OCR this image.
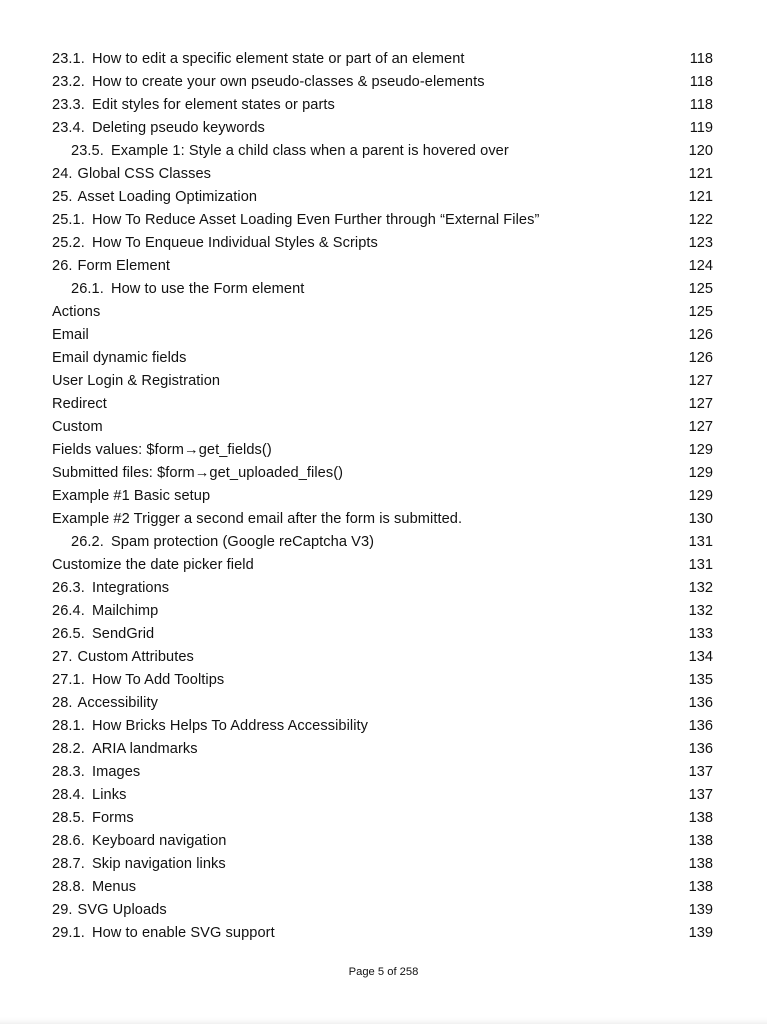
23.1. How to edit a specific element state or part of an element	118
23.2. How to create your own pseudo-classes & pseudo-elements	118
23.3. Edit styles for element states or parts	118
23.4. Deleting pseudo keywords	119
23.5. Example 1: Style a child class when a parent is hovered over	120
24. Global CSS Classes	121
25. Asset Loading Optimization	121
25.1. How To Reduce Asset Loading Even Further through “External Files”	122
25.2. How To Enqueue Individual Styles & Scripts	123
26. Form Element	124
26.1. How to use the Form element	125
Actions	125
Email	126
Email dynamic fields	126
User Login & Registration	127
Redirect	127
Custom	127
Fields values: $form→get_fields()	129
Submitted files: $form→get_uploaded_files()	129
Example #1 Basic setup	129
Example #2 Trigger a second email after the form is submitted.	130
26.2. Spam protection (Google reCaptcha V3)	131
Customize the date picker field	131
26.3. Integrations	132
26.4. Mailchimp	132
26.5. SendGrid	133
27. Custom Attributes	134
27.1. How To Add Tooltips	135
28. Accessibility	136
28.1. How Bricks Helps To Address Accessibility	136
28.2. ARIA landmarks	136
28.3. Images	137
28.4. Links	137
28.5. Forms	138
28.6. Keyboard navigation	138
28.7. Skip navigation links	138
28.8. Menus	138
29. SVG Uploads	139
29.1. How to enable SVG support	139
Page 5 of 258
